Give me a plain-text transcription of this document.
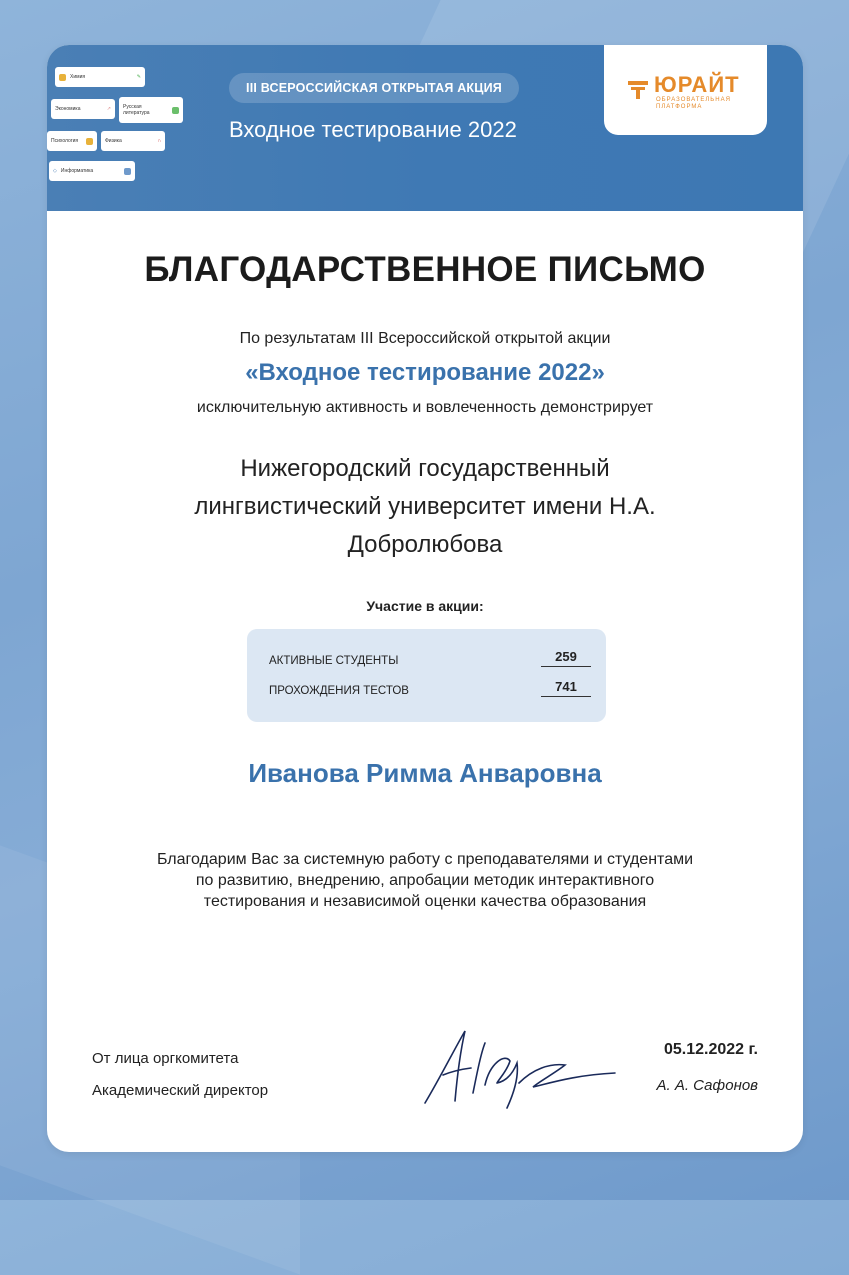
Химия	✎
Экономика	↗ Русская литература
Психология	Физика	∩
◇ Информатика
III ВСЕРОССИЙСКАЯ ОТКРЫТАЯ АКЦИЯ
Входное тестирование 2022
ЮРАЙТ
ОБРАЗОВАТЕЛЬНАЯ ПЛАТФОРМА
БЛАГОДАРСТВЕННОЕ ПИСЬМО
По результатам III Всероссийской открытой акции
«Входное тестирование 2022»
исключительную активность и вовлеченность демонстрирует
Нижегородский государственный
лингвистический университет имени Н.А.
Добролюбова
Участие в акции:
АКТИВНЫЕ СТУДЕНТЫ	259
ПРОХОЖДЕНИЯ ТЕСТОВ	741
Иванова Римма Анваровна
Благодарим Вас за системную работу с преподавателями и студентами
по развитию, внедрению, апробации методик интерактивного
тестирования и независимой оценки качества образования
От лица оргкомитета
Академический директор
05.12.2022 г.
А. А. Сафонов
